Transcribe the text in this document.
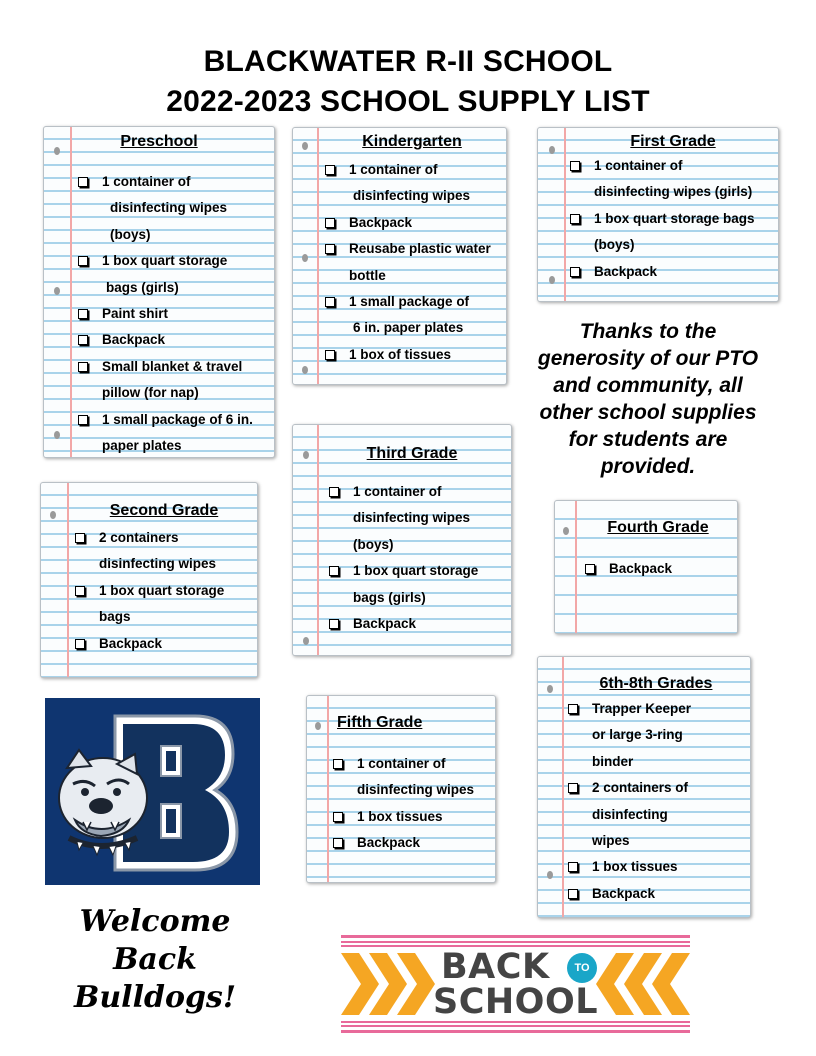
BLACKWATER R-II SCHOOL
2022-2023 SCHOOL SUPPLY LIST
Preschool
1 container of
disinfecting wipes
(boys)
1 box quart storage
bags (girls)
Paint shirt
Backpack
Small blanket & travel
pillow (for nap)
1 small package of 6 in.
paper plates
Kindergarten
1 container of
disinfecting wipes
Backpack
Reusabe plastic water
bottle
1 small package of
6 in. paper plates
1 box of tissues
First Grade
1 container of
disinfecting wipes (girls)
1 box quart storage bags
(boys)
Backpack
Thanks to the
generosity of our PTO
and community, all
other school supplies
for students are
provided.
Third Grade
1 container of
disinfecting wipes
(boys)
1 box quart storage
bags (girls)
Backpack
Second Grade
2 containers
disinfecting wipes
1 box quart storage
bags
Backpack
Fourth Grade
Backpack
Fifth Grade
1 container of
disinfecting wipes
1 box tissues
Backpack
6th-8th Grades
Trapper Keeper
or large 3-ring
binder
2 containers of
disinfecting
wipes
1 box tissues
Backpack
Welcome
Back
Bulldogs!
BACK	TO
SCHOOL
